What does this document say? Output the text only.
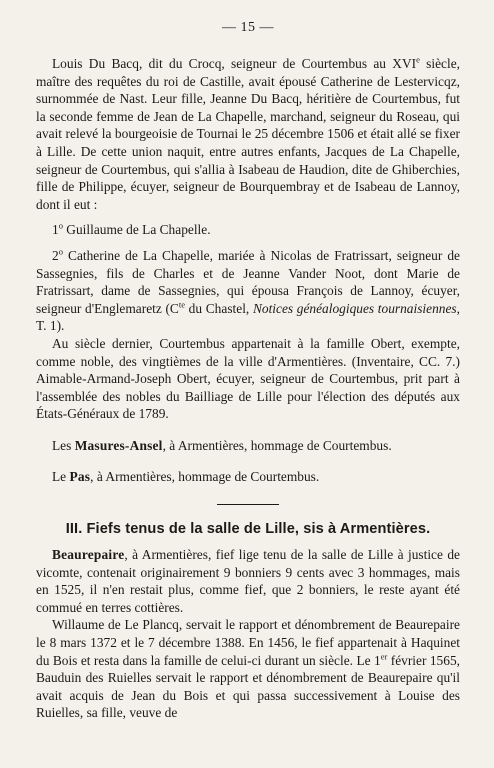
— 15 —

Louis Du Bacq, dit du Crocq, seigneur de Courtembus au XVIe siècle, maître des requêtes du roi de Castille, avait épousé Catherine de Lestervicqz, surnommée de Nast. Leur fille, Jeanne Du Bacq, héritière de Courtembus, fut la seconde femme de Jean de La Chapelle, marchand, seigneur du Roseau, qui avait relevé la bourgeoisie de Tournai le 25 décembre 1506 et était allé se fixer à Lille. De cette union naquit, entre autres enfants, Jacques de La Chapelle, seigneur de Courtembus, qui s'allia à Isabeau de Haudion, dite de Ghiberchies, fille de Philippe, écuyer, seigneur de Bourquembray et de Isabeau de Lannoy, dont il eut :

1$^o$ Guillaume de La Chapelle.

2$^o$ Catherine de La Chapelle, mariée à Nicolas de Fratrissart, seigneur de Sassegnies, fils de Charles et de Jeanne Vander Noot, dont Marie de Fratrissart, dame de Sassegnies, qui épousa François de Lannoy, écuyer, seigneur d'Englemaretz ($C^{te}$ du Chastel, Notices généalogiques tournaisiennes, T. 1).

Au siècle dernier, Courtembus appartenait à la famille Obert, exempte, comme noble, des vingtièmes de la ville d'Armentières. (Inventaire, CC. 7.) Aimable-Armand-Joseph Obert, écuyer, seigneur de Courtembus, prit part à l'assemblée des nobles du Bailliage de Lille pour l'élection des députés aux États-Généraux de 1789.

Les Masures-Ansel, à Armentières, hommage de Courtembus.

Le Pas, à Armentières, hommage de Courtembus.

III. Fiefs tenus de la salle de Lille, sis à Armentières.

Beaurepaire, à Armentières, fief lige tenu de la salle de Lille à justice de vicomte, contenait originairement 9 bonniers 9 cents avec 3 hommages, mais en 1525, il n'en restait plus, comme fief, que 2 bonniers, le reste ayant été commué en terres cottières.

Willaume de Le Plancq, servait le rapport et dénombrement de Beaurepaire le 8 mars 1372 et le 7 décembre 1388. En 1456, le fief appartenait à Haquinet du Bois et resta dans la famille de celui-ci durant un siècle. Le 1er février 1565, Bauduin des Ruielles servait le rapport et dénombrement de Beaurepaire qu'il avait acquis de Jean du Bois et qui passa successivement à Louise des Ruielles, sa fille, veuve de
